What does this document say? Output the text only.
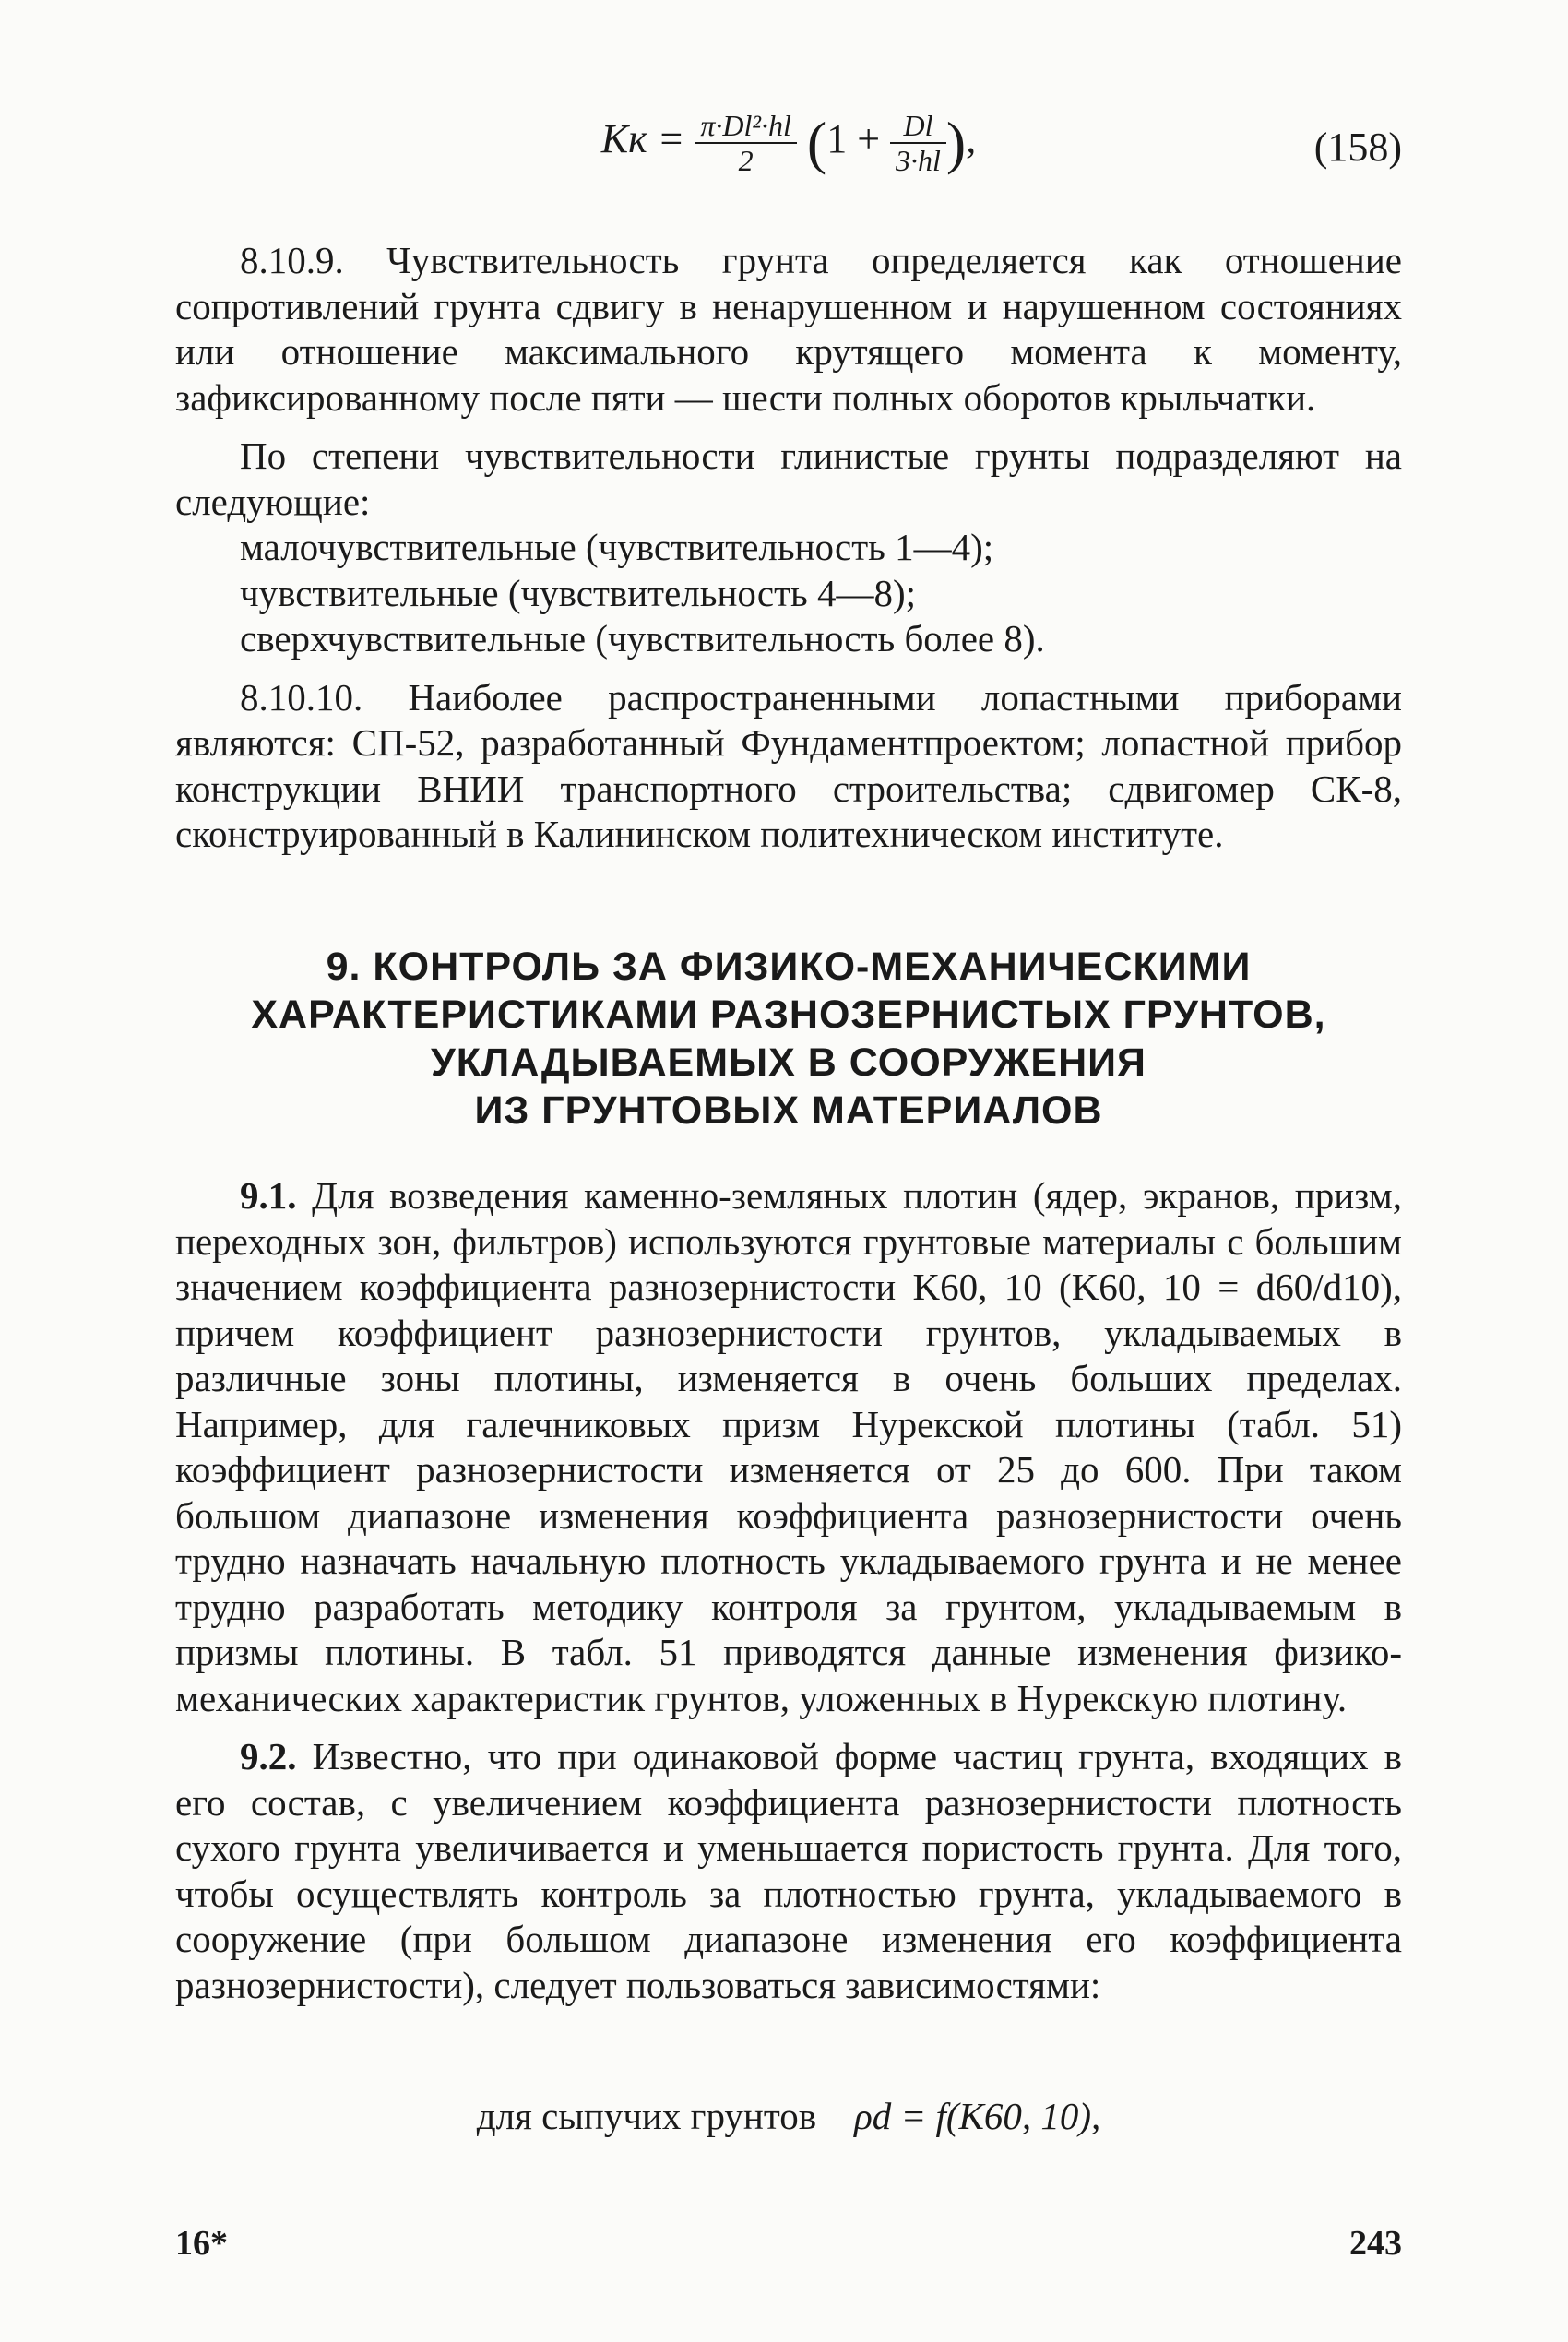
Kк = $\frac{\text{π·Dl²·hl}}{2} (1 + \frac{Dl}{3\cdot hl}$ ),	(158)

8.10.9. Чувствительность грунта определяется как отношение сопротивлений грунта сдвигу в ненарушенном и нарушенном состояниях или отношение максимального крутящего момента к моменту, зафиксированному после пяти — шести полных оборотов крыльчатки.

По степени чувствительности глинистые грунты подразделяют на следующие:

малочувствительные (чувствительность 1—4);
чувствительные (чувствительность 4—8);
сверхчувствительные (чувствительность более 8).

8.10.10. Наиболее распространенными лопастными приборами являются: СП-52, разработанный Фундаментпроектом; лопастной прибор конструкции ВНИИ транспортного строительства; сдвигомер СК-8, сконструированный в Калининском политехническом институте.

9. КОНТРОЛЬ ЗА ФИЗИКО-МЕХАНИЧЕСКИМИ
ХАРАКТЕРИСТИКАМИ РАЗНОЗЕРНИСТЫХ ГРУНТОВ,
УКЛАДЫВАЕМЫХ В СООРУЖЕНИЯ
ИЗ ГРУНТОВЫХ МАТЕРИАЛОВ

9.1. Для возведения каменно-земляных плотин (ядер, экранов, призм, переходных зон, фильтров) используются грунтовые материалы с большим значением коэффициента разнозернистости K60, 10 (K60, 10 = d60/d10), причем коэффициент разнозернистости грунтов, укладываемых в различные зоны плотины, изменяется в очень больших пределах. Например, для галечниковых призм Нурекской плотины (табл. 51) коэффициент разнозернистости изменяется от 25 до 600. При таком большом диапазоне изменения коэффициента разнозернистости очень трудно назначать начальную плотность укладываемого грунта и не менее трудно разработать методику контроля за грунтом, укладываемым в призмы плотины. В табл. 51 приводятся данные изменения физико-механических характеристик грунтов, уложенных в Нурекскую плотину.

9.2. Известно, что при одинаковой форме частиц грунта, входящих в его состав, с увеличением коэффициента разнозернистости плотность сухого грунта увеличивается и уменьшается пористость грунта. Для того, чтобы осуществлять контроль за плотностью грунта, укладываемого в сооружение (при большом диапазоне изменения его коэффициента разнозернистости), следует пользоваться зависимостями:

для сыпучих грунтов ρd = f(K60, 10),
16*	243
